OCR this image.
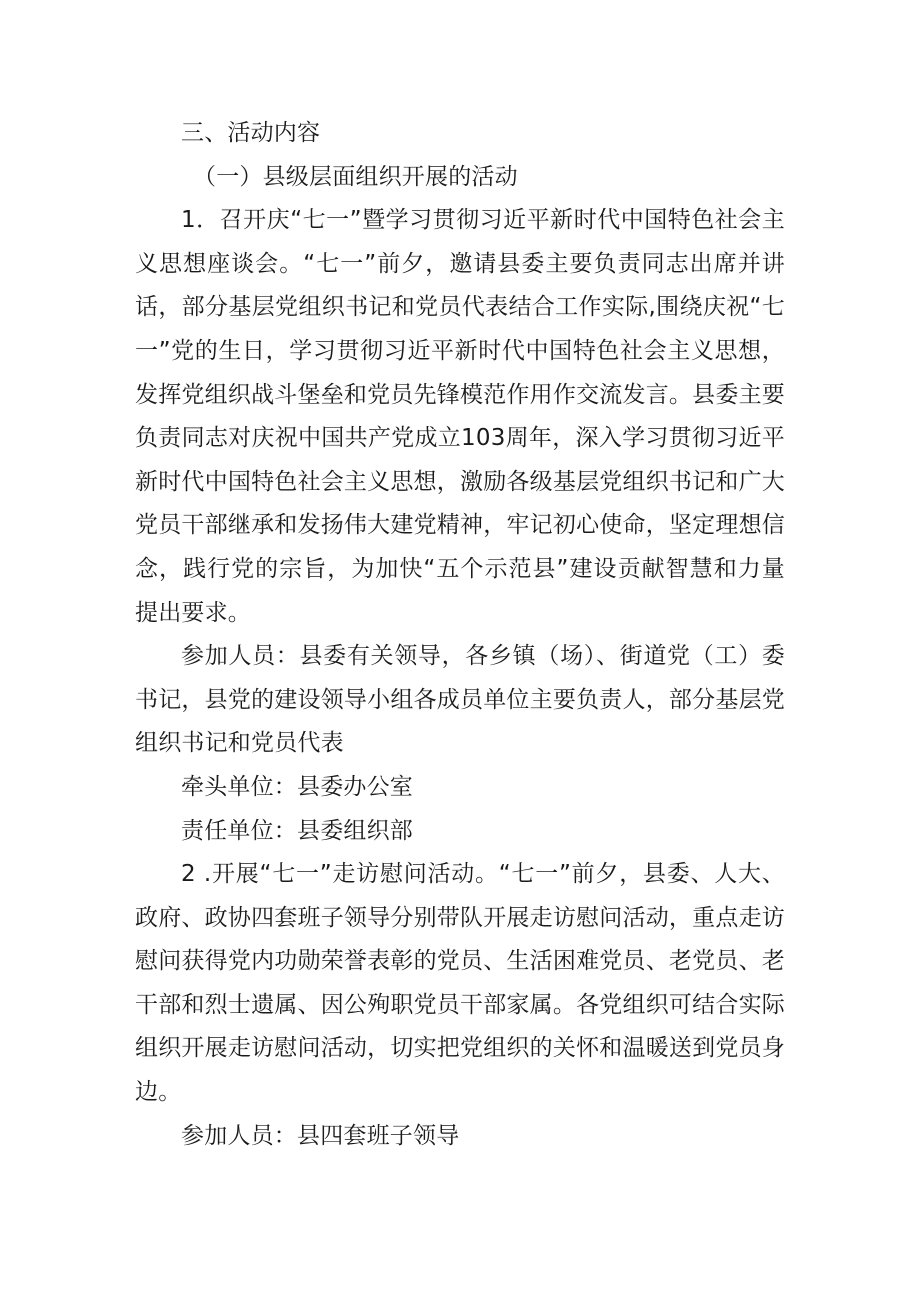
三、活动内容

（一）县级层面组织开展的活动

1．召开庆“七一”暨学习贯彻习近平新时代中国特色社会主义思想座谈会。“七一”前夕，邀请县委主要负责同志出席并讲话，部分基层党组织书记和党员代表结合工作实际,围绕庆祝“七一”党的生日，学习贯彻习近平新时代中国特色社会主义思想，发挥党组织战斗堡垒和党员先锋模范作用作交流发言。县委主要负责同志对庆祝中国共产党成立103周年，深入学习贯彻习近平新时代中国特色社会主义思想，激励各级基层党组织书记和广大党员干部继承和发扬伟大建党精神，牢记初心使命，坚定理想信念，践行党的宗旨，为加快“五个示范县”建设贡献智慧和力量提出要求。

参加人员：县委有关领导，各乡镇（场）、街道党（工）委书记，县党的建设领导小组各成员单位主要负责人，部分基层党组织书记和党员代表

牵头单位：县委办公室

责任单位：县委组织部

2 .开展“七一”走访慰问活动。“七一”前夕，县委、人大、政府、政协四套班子领导分别带队开展走访慰问活动，重点走访慰问获得党内功勋荣誉表彰的党员、生活困难党员、老党员、老干部和烈士遗属、因公殉职党员干部家属。各党组织可结合实际组织开展走访慰问活动，切实把党组织的关怀和温暖送到党员身边。

参加人员：县四套班子领导
